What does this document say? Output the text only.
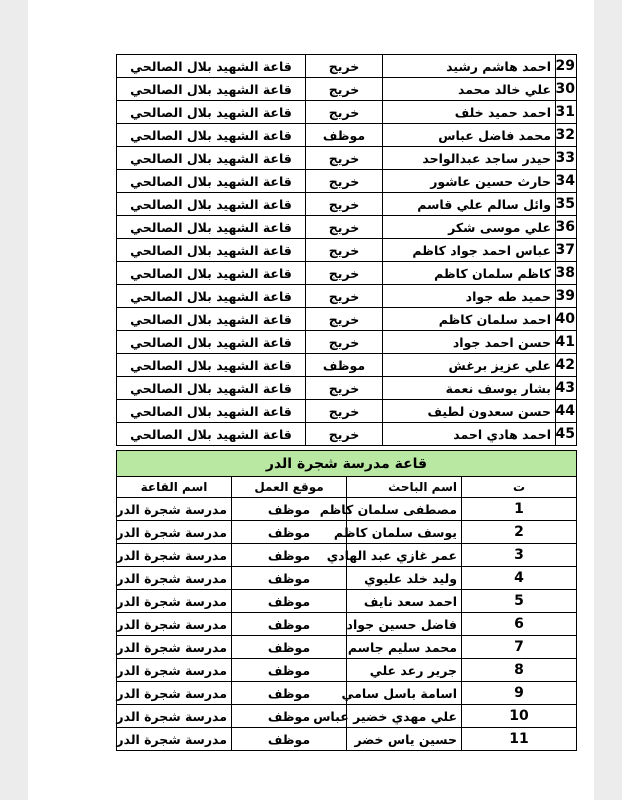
29	احمد هاشم رشيد	خريج	قاعة الشهيد بلال الصالحي
30	علي خالد محمد	خريج	قاعة الشهيد بلال الصالحي
31	احمد حميد خلف	خريج	قاعة الشهيد بلال الصالحي
32	محمد فاضل عباس	موظف	قاعة الشهيد بلال الصالحي
33	حيدر ساجد عبدالواحد	خريج	قاعة الشهيد بلال الصالحي
34	حارث حسين عاشور	خريج	قاعة الشهيد بلال الصالحي
35	وائل سالم علي قاسم	خريج	قاعة الشهيد بلال الصالحي
36	علي موسى شكر	خريج	قاعة الشهيد بلال الصالحي
37	عباس احمد جواد كاظم	خريج	قاعة الشهيد بلال الصالحي
38	كاظم سلمان كاظم	خريج	قاعة الشهيد بلال الصالحي
39	حميد طه جواد	خريج	قاعة الشهيد بلال الصالحي
40	احمد سلمان كاظم	خريج	قاعة الشهيد بلال الصالحي
41	حسن احمد جواد	خريج	قاعة الشهيد بلال الصالحي
42	علي عزيز برغش	موظف	قاعة الشهيد بلال الصالحي
43	بشار يوسف نعمة	خريج	قاعة الشهيد بلال الصالحي
44	حسن سعدون لطيف	خريج	قاعة الشهيد بلال الصالحي
45	احمد هادي احمد	خريج	قاعة الشهيد بلال الصالحي
قاعة مدرسة شجرة الدر			
ت	اسم الباحث	موقع العمل	اسم القاعة
1	مصطفى سلمان كاظم	موظف	مدرسة شجرة الدر
2	يوسف سلمان كاظم	موظف	مدرسة شجرة الدر
3	عمر غازي عبد الهادي	موظف	مدرسة شجرة الدر
4	وليد خلد عليوي	موظف	مدرسة شجرة الدر
5	احمد سعد نايف	موظف	مدرسة شجرة الدر
6	فاضل حسين جواد	موظف	مدرسة شجرة الدر
7	محمد سليم جاسم	موظف	مدرسة شجرة الدر
8	جرير رعد علي	موظف	مدرسة شجرة الدر
9	اسامة باسل سامي	موظف	مدرسة شجرة الدر
10	علي مهدي خضير عباس	موظف	مدرسة شجرة الدر
11	حسين ياس خضر	موظف	مدرسة شجرة الدر
